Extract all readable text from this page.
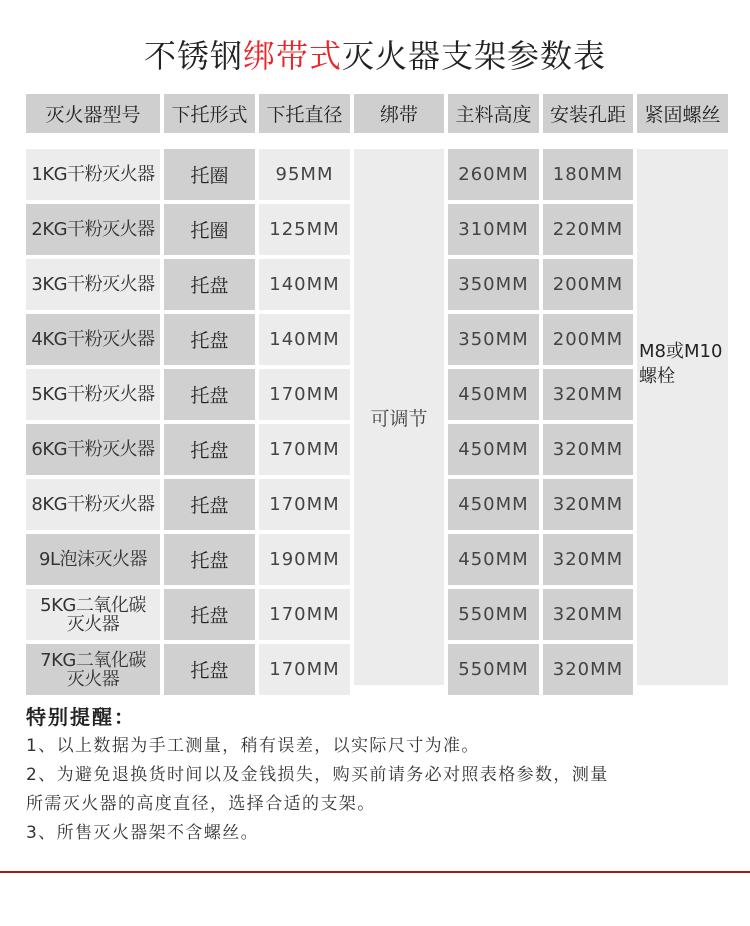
不锈钢绑带式灭火器支架参数表
灭火器型号	下托形式 下托直径	绑带	主料高度 安装孔距 紧固螺丝
可调节
M8或M10
螺栓
1KG干粉灭火器	托圈	95MM	260MM	180MM
2KG干粉灭火器	托圈	125MM	310MM	220MM
3KG干粉灭火器	托盘	140MM	350MM	200MM
4KG干粉灭火器	托盘	140MM	350MM	200MM
5KG干粉灭火器	托盘	170MM	450MM	320MM
6KG干粉灭火器	托盘	170MM	450MM	320MM
8KG干粉灭火器	托盘	170MM	450MM	320MM
9L泡沫灭火器	托盘	190MM	450MM	320MM
5KG二氧化碳
灭火器	托盘	170MM	550MM	320MM
7KG二氧化碳
灭火器	托盘	170MM	550MM	320MM
特别提醒：
1、以上数据为手工测量，稍有误差，以实际尺寸为准。
2、为避免退换货时间以及金钱损失，购买前请务必对照表格参数，测量
所需灭火器的高度直径，选择合适的支架。
3、所售灭火器架不含螺丝。
